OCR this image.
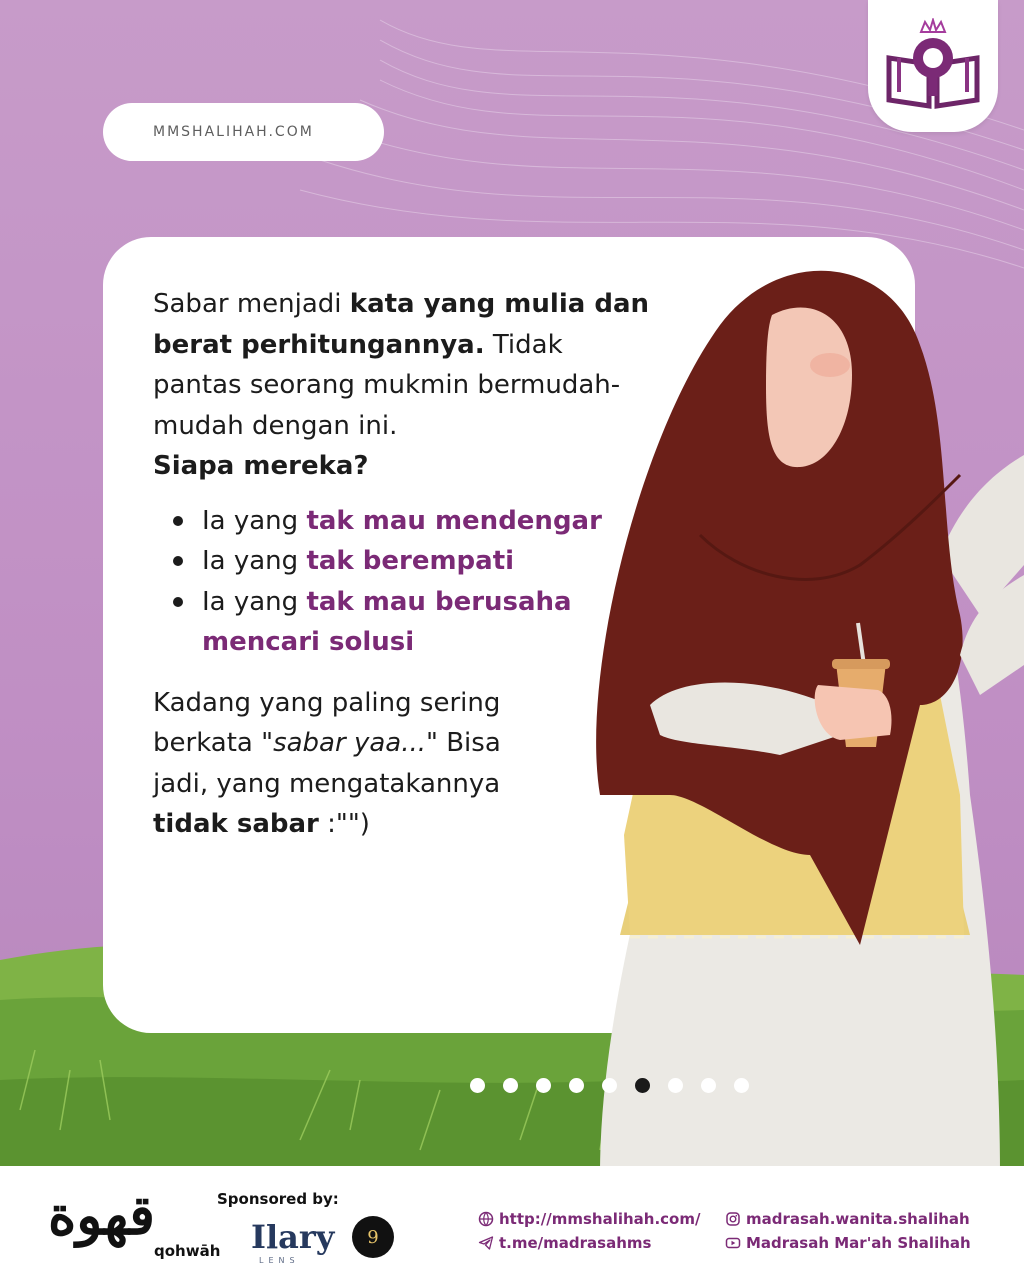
MMSHALIHAH.COM

Sabar menjadi kata yang mulia dan berat perhitungannya. Tidak pantas seorang mukmin bermudah-mudah dengan ini.
Siapa mereka?

Ia yang tak mau mendengar
Ia yang tak berempati
Ia yang tak mau berusaha mencari solusi

Kadang yang paling sering berkata "sabar yaa..." Bisa jadi, yang mengatakannya tidak sabar :"")

قهوة
qohwāh
Sponsored by:
Ilary
LENS
9
http://mmshalihah.com/
t.me/madrasahms
madrasah.wanita.shalihah
Madrasah Mar'ah Shalihah
